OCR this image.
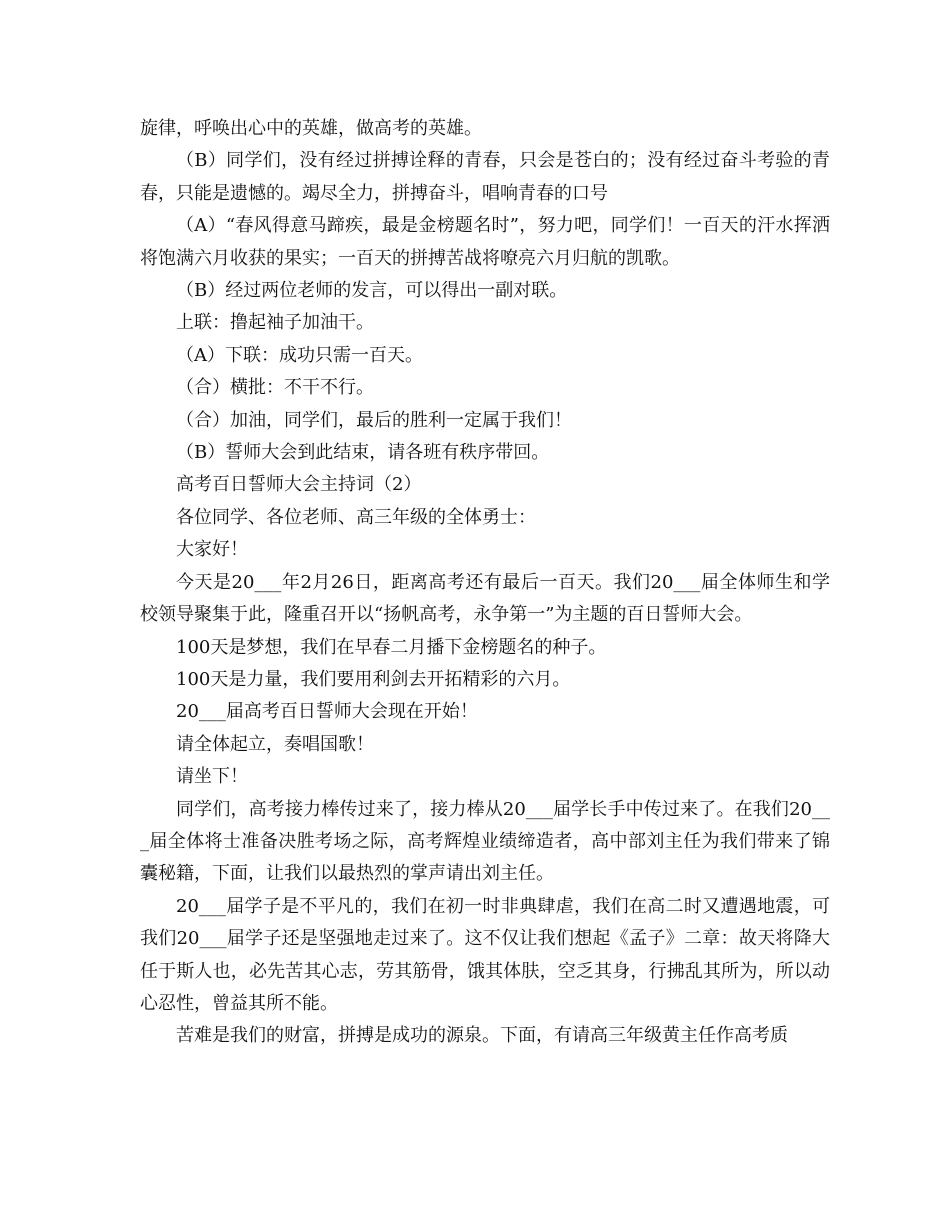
旋律，呼唤出心中的英雄，做高考的英雄。

（B）同学们，没有经过拼搏诠释的青春，只会是苍白的；没有经过奋斗考验的青春，只能是遗憾的。竭尽全力，拼搏奋斗，唱响青春的口号

（A）“春风得意马蹄疾，最是金榜题名时”，努力吧，同学们！一百天的汗水挥洒将饱满六月收获的果实；一百天的拼搏苦战将嘹亮六月归航的凯歌。

（B）经过两位老师的发言，可以得出一副对联。

上联：撸起袖子加油干。

（A）下联：成功只需一百天。

（合）横批：不干不行。

（合）加油，同学们，最后的胜利一定属于我们！

（B）誓师大会到此结束，请各班有秩序带回。

高考百日誓师大会主持词（2）

各位同学、各位老师、高三年级的全体勇士：

大家好！

今天是20___年2月26日，距离高考还有最后一百天。我们20___届全体师生和学校领导聚集于此，隆重召开以“扬帆高考，永争第一”为主题的百日誓师大会。

100天是梦想，我们在早春二月播下金榜题名的种子。

100天是力量，我们要用利剑去开拓精彩的六月。

20___届高考百日誓师大会现在开始！

请全体起立，奏唱国歌！

请坐下！

同学们，高考接力棒传过来了，接力棒从20___届学长手中传过来了。在我们20___届全体将士准备决胜考场之际，高考辉煌业绩缔造者，高中部刘主任为我们带来了锦囊秘籍，下面，让我们以最热烈的掌声请出刘主任。

20___届学子是不平凡的，我们在初一时非典肆虐，我们在高二时又遭遇地震，可我们20___届学子还是坚强地走过来了。这不仅让我们想起《孟子》二章：故天将降大任于斯人也，必先苦其心志，劳其筋骨，饿其体肤，空乏其身，行拂乱其所为，所以动心忍性，曾益其所不能。

苦难是我们的财富，拼搏是成功的源泉。下面，有请高三年级黄主任作高考质
